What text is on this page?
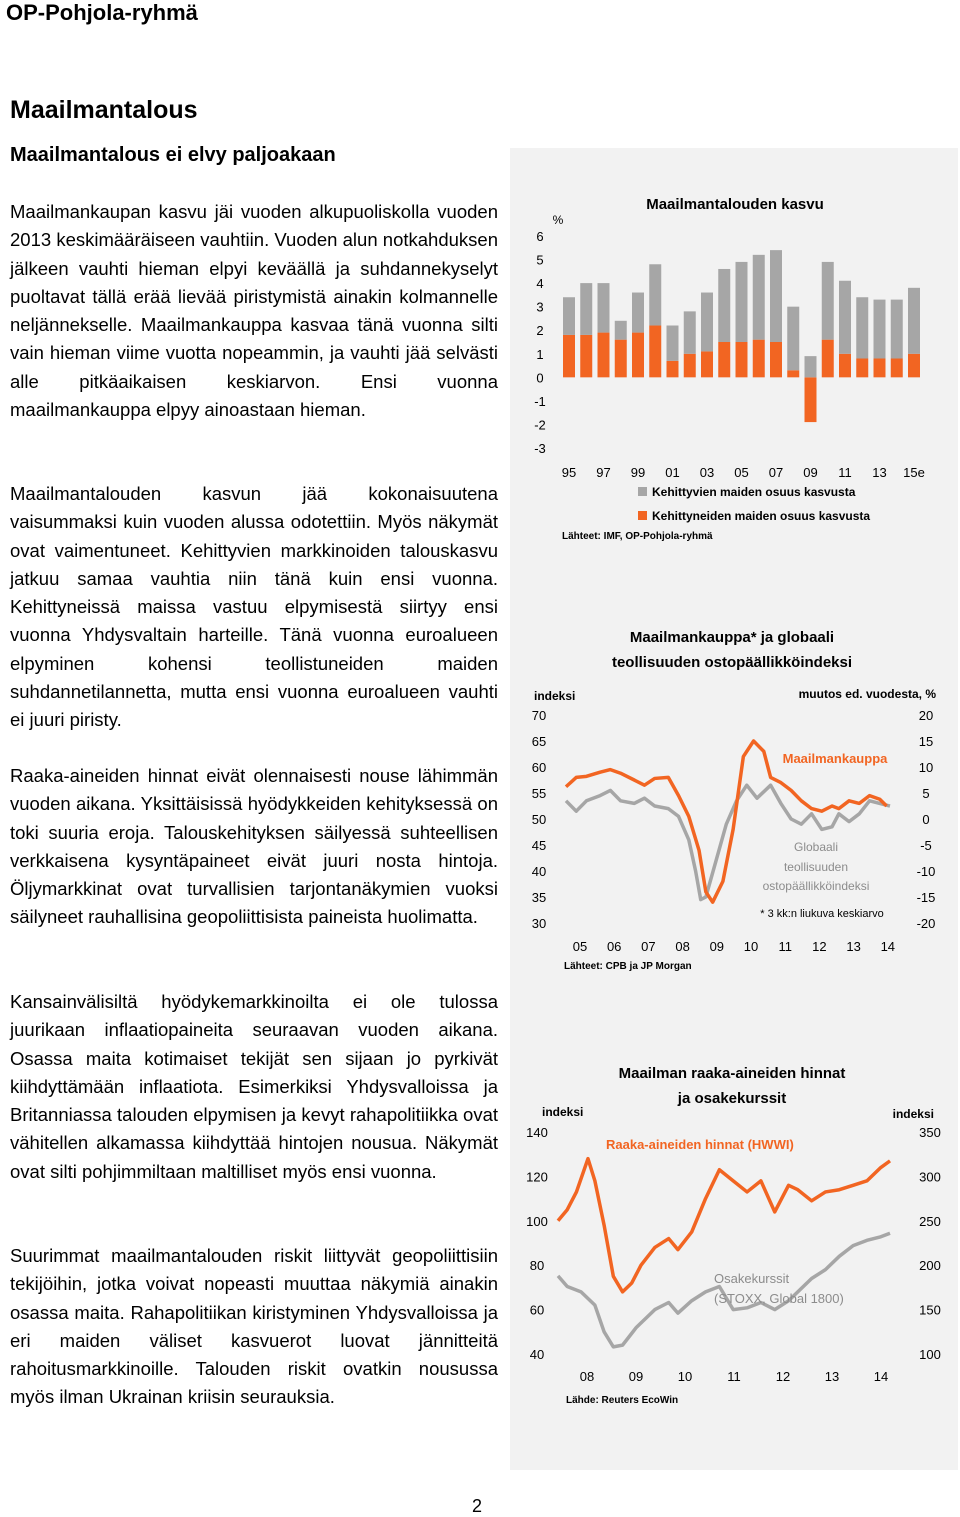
OP-Pohjola-ryhmä
Maailmantalous
Maailmantalous ei elvy paljoakaan

Maailmankaupan kasvu jäi vuoden alkupuoliskolla vuoden 2013 keskimääräiseen vauhtiin. Vuoden alun notkahduksen jälkeen vauhti hieman elpyi keväällä ja suhdannekyselyt puoltavat tällä erää lievää piristymistä ainakin kolmannelle neljännekselle. Maailmankauppa kasvaa tänä vuonna silti vain hieman viime vuotta nopeammin, ja vauhti jää selvästi alle pitkäaikaisen keskiarvon. Ensi vuonna maailmankauppa elpyy ainoastaan hieman.

Maailmantalouden kasvun jää kokonaisuutena vaisummaksi kuin vuoden alussa odotettiin. Myös näkymät ovat vaimentuneet. Kehittyvien markkinoiden talouskasvu jatkuu samaa vauhtia niin tänä kuin ensi vuonna. Kehittyneissä maissa vastuu elpymisestä siirtyy ensi vuonna Yhdysvaltain harteille. Tänä vuonna euroalueen elpyminen kohensi teollistuneiden maiden suhdannetilannetta, mutta ensi vuonna euroalueen vauhti ei juuri piristy.

Raaka-aineiden hinnat eivät olennaisesti nouse lähimmän vuoden aikana. Yksittäisissä hyödykkeiden kehityksessä on toki suuria eroja. Talouskehityksen säilyessä suhteellisen verkkaisena kysyntäpaineet eivät juuri nosta hintoja. Öljymarkkinat ovat turvallisien tarjontanäkymien vuoksi säilyneet rauhallisina geopoliittisista paineista huolimatta.

Kansainvälisiltä hyödykemarkkinoilta ei ole tulossa juurikaan inflaatiopaineita seuraavan vuoden aikana. Osassa maita kotimaiset tekijät sen sijaan jo pyrkivät kiihdyttämään inflaatiota. Esimerkiksi Yhdysvalloissa ja Britanniassa talouden elpymisen ja kevyt rahapolitiikka ovat vähitellen alkamassa kiihdyttää hintojen nousua. Näkymät ovat silti pohjimmiltaan maltilliset myös ensi vuonna.

Suurimmat maailmantalouden riskit liittyvät geopoliittisiin tekijöihin, jotka voivat nopeasti muuttaa näkymiä ainakin osassa maita. Rahapolitiikan kiristyminen Yhdysvalloissa ja eri maiden väliset kasvuerot luovat jännitteitä rahoitusmarkkinoille. Talouden riskit ovatkin nousussa myös ilman Ukrainan kriisin seurauksia.

Maailmantalouden kasvu
%
6
5
4
3
2
1
0
-1
-2
-3
95 97 99 01 03 05 07 09 11 13 15e
Kehittyvien maiden osuus kasvusta
Kehittyneiden maiden osuus kasvusta
Lähteet: IMF, OP-Pohjola-ryhmä
Maailmankauppa* ja globaali
teollisuuden ostopäällikköindeksi
indeksi	muutos ed. vuodesta, %
70
65
60
55
50
45
40
35
30
20
15
10
5
0
-5
-10
-15
-20
05 06 07 08 09 10 11 12 13 14
Maailmankauppa
Globaali
teollisuuden
ostopäällikköindeksi
* 3 kk:n liukuva keskiarvo
Lähteet: CPB ja JP Morgan
Maailman raaka-aineiden hinnat
ja osakekurssit
indeksi	indeksi
140
120
100
80
60
40
350
300
250
200
150
100
08	09	10	11	12	13	14
Raaka-aineiden hinnat (HWWI)
Osakekurssit
(STOXX, Global 1800)
Lähde: Reuters EcoWin
2
